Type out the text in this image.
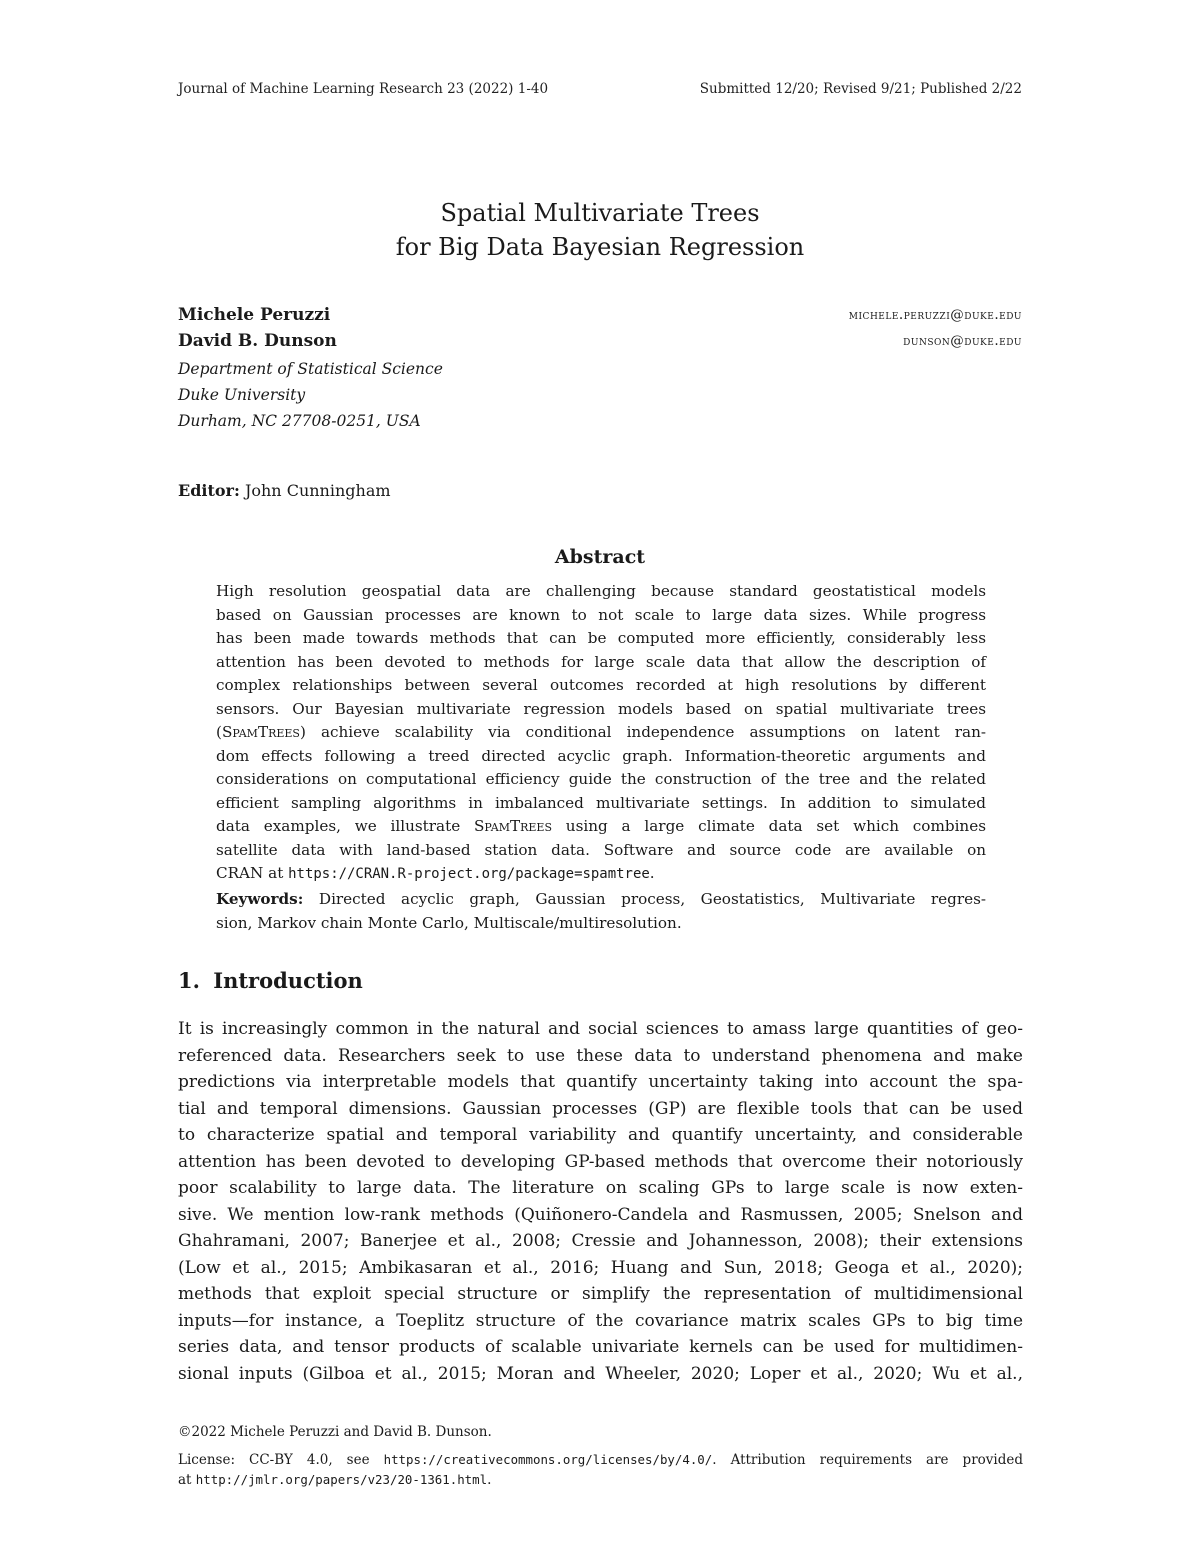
Journal of Machine Learning Research 23 (2022) 1-40	Submitted 12/20; Revised 9/21; Published 2/22
Spatial Multivariate Trees
for Big Data Bayesian Regression
Michele Peruzzi
David B. Dunson
michele.peruzzi@duke.edu
dunson@duke.edu
Department of Statistical Science
Duke University
Durham, NC 27708-0251, USA
Editor: John Cunningham
Abstract
High resolution geospatial data are challenging because standard geostatistical models
based on Gaussian processes are known to not scale to large data sizes. While progress
has been made towards methods that can be computed more efficiently, considerably less
attention has been devoted to methods for large scale data that allow the description of
complex relationships between several outcomes recorded at high resolutions by different
sensors. Our Bayesian multivariate regression models based on spatial multivariate trees
(SpamTrees) achieve scalability via conditional independence assumptions on latent ran-
dom effects following a treed directed acyclic graph. Information-theoretic arguments and
considerations on computational efficiency guide the construction of the tree and the related
efficient sampling algorithms in imbalanced multivariate settings. In addition to simulated
data examples, we illustrate SpamTrees using a large climate data set which combines
satellite data with land-based station data. Software and source code are available on
CRAN at https://CRAN.R-project.org/package=spamtree.
Keywords: Directed acyclic graph, Gaussian process, Geostatistics, Multivariate regres-
sion, Markov chain Monte Carlo, Multiscale/multiresolution.
1. Introduction
It is increasingly common in the natural and social sciences to amass large quantities of geo-
referenced data. Researchers seek to use these data to understand phenomena and make
predictions via interpretable models that quantify uncertainty taking into account the spa-
tial and temporal dimensions. Gaussian processes (GP) are flexible tools that can be used
to characterize spatial and temporal variability and quantify uncertainty, and considerable
attention has been devoted to developing GP-based methods that overcome their notoriously
poor scalability to large data. The literature on scaling GPs to large scale is now exten-
sive. We mention low-rank methods (Quiñonero-Candela and Rasmussen, 2005; Snelson and
Ghahramani, 2007; Banerjee et al., 2008; Cressie and Johannesson, 2008); their extensions
(Low et al., 2015; Ambikasaran et al., 2016; Huang and Sun, 2018; Geoga et al., 2020);
methods that exploit special structure or simplify the representation of multidimensional
inputs—for instance, a Toeplitz structure of the covariance matrix scales GPs to big time
series data, and tensor products of scalable univariate kernels can be used for multidimen-
sional inputs (Gilboa et al., 2015; Moran and Wheeler, 2020; Loper et al., 2020; Wu et al.,
©2022 Michele Peruzzi and David B. Dunson.
License: CC-BY 4.0, see https://creativecommons.org/licenses/by/4.0/. Attribution requirements are provided
at http://jmlr.org/papers/v23/20-1361.html.
